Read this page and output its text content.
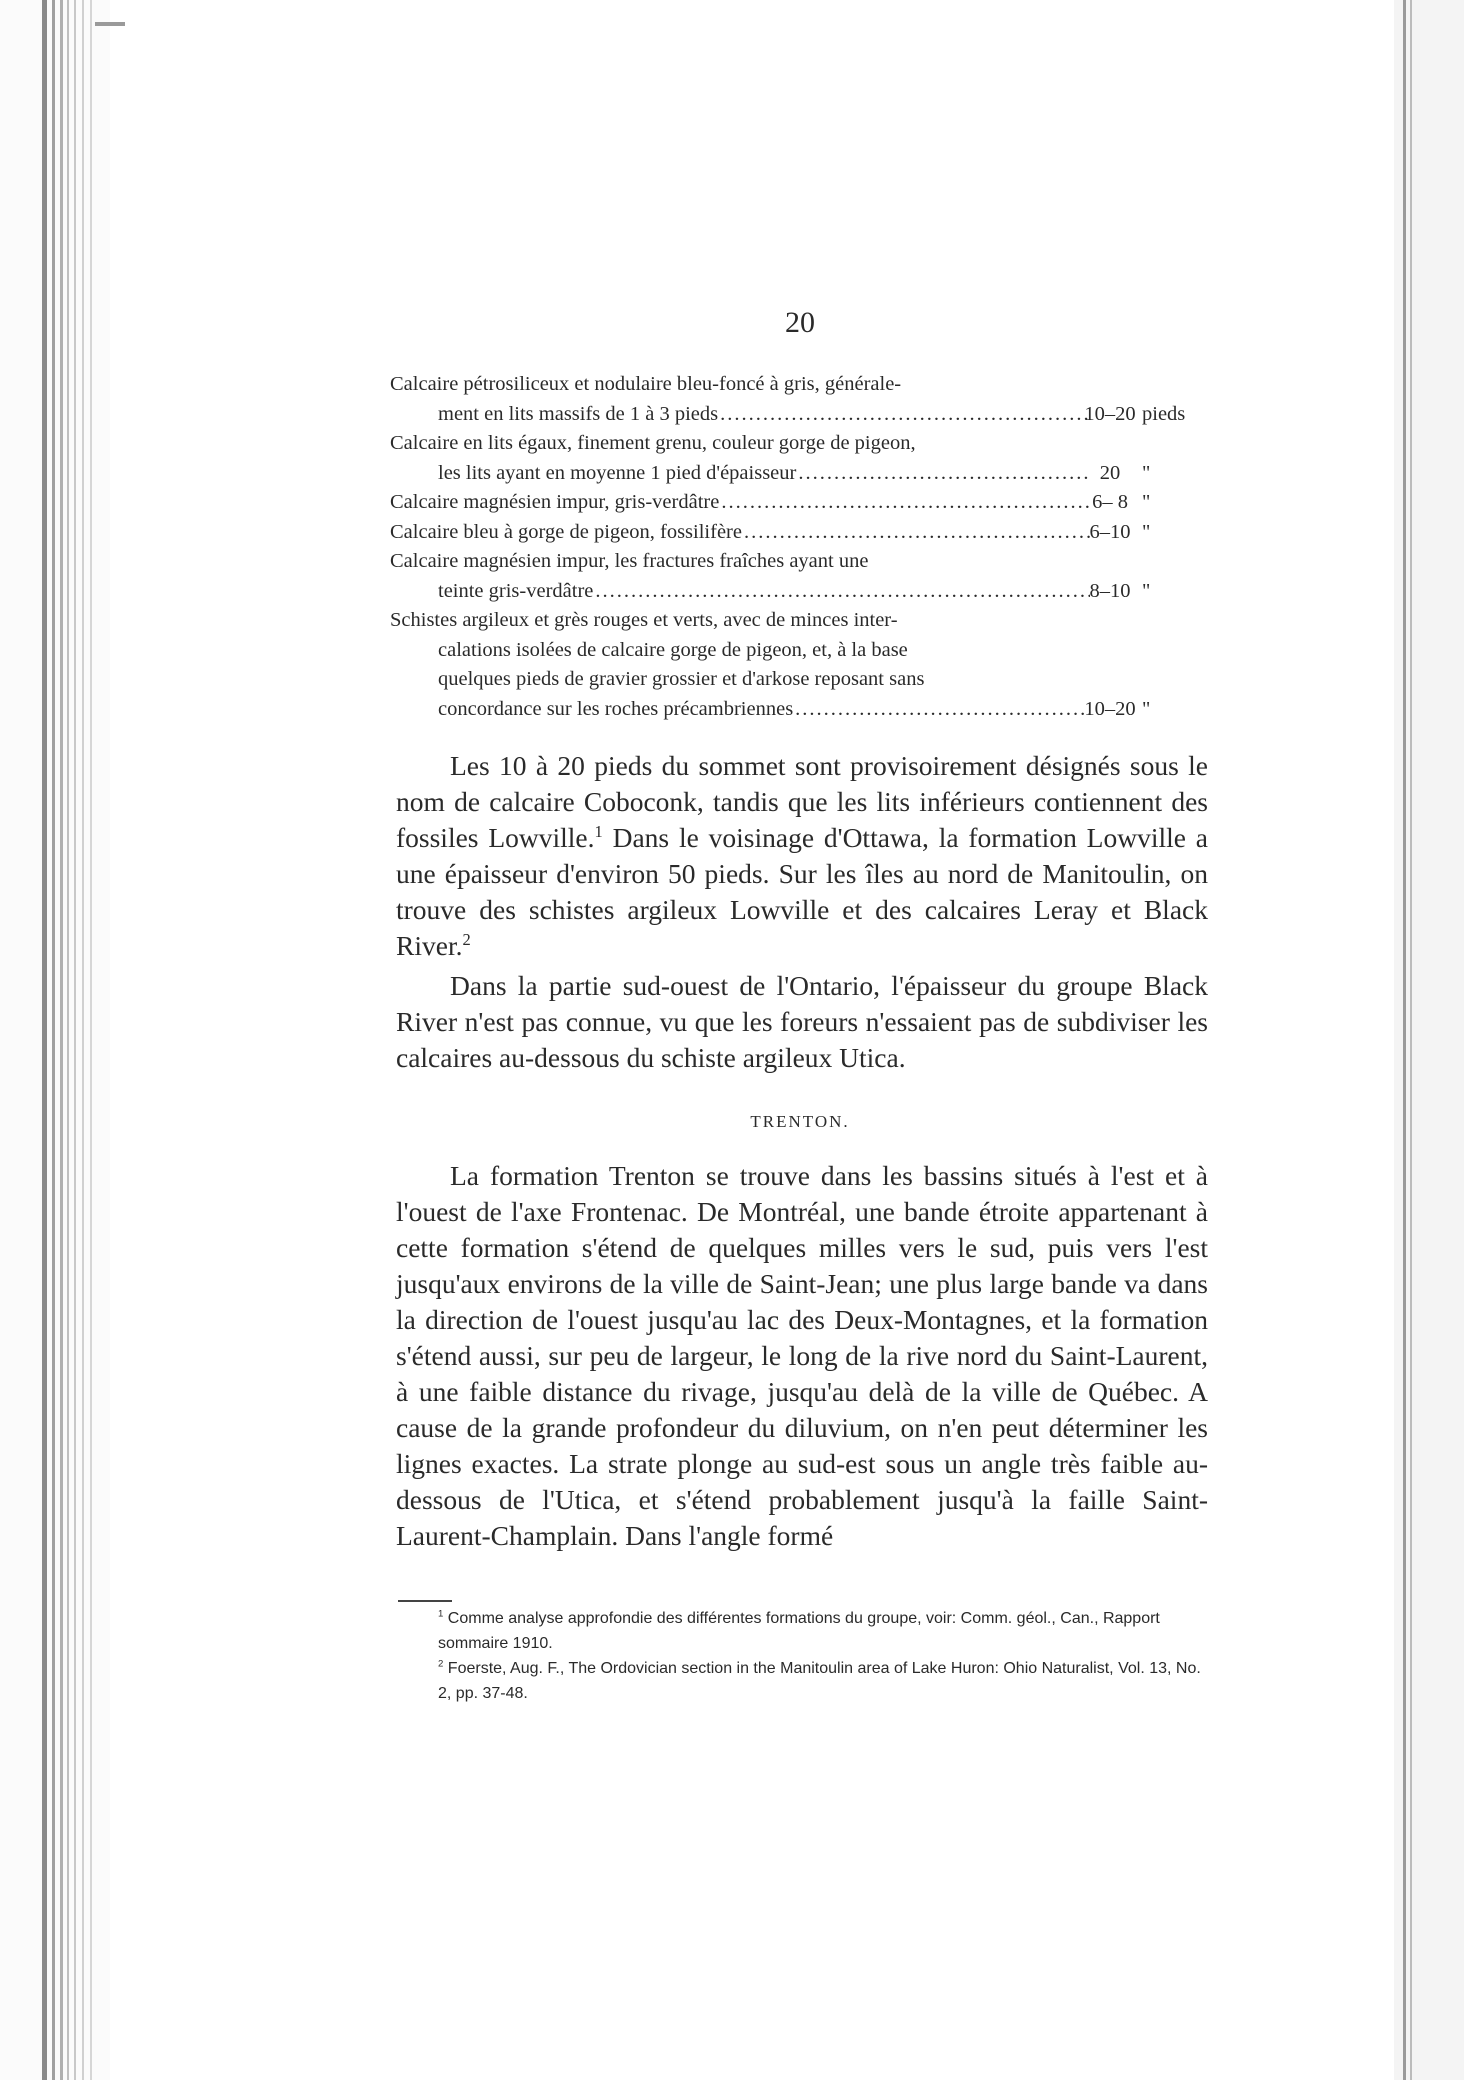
20
Calcaire pétrosiliceux et nodulaire bleu-foncé à gris, générale-
ment en lits massifs de 1 à 3 pieds
.....	10–20 pieds
Calcaire en lits égaux, finement grenu, couleur gorge de pigeon,
les lits ayant en moyenne 1 pied d'épaisseur .....	20	"
Calcaire magnésien impur, gris-verdâtre .....	6– 8 "
Calcaire bleu à gorge de pigeon, fossilifère .....	6–10 "
Calcaire magnésien impur, les fractures fraîches ayant une
teinte gris-verdâtre .....	8–10 "
Schistes argileux et grès rouges et verts, avec de minces inter-
calations isolées de calcaire gorge de pigeon, et, à la base
quelques pieds de gravier grossier et d'arkose reposant sans
concordance sur les roches précambriennes
.....	10–20 "

Les 10 à 20 pieds du sommet sont provisoirement désignés sous le nom de calcaire Coboconk, tandis que les lits inférieurs contiennent des fossiles Lowville.$^1$ Dans le voisinage d'Ottawa, la formation Lowville a une épaisseur d'environ 50 pieds. Sur les îles au nord de Manitoulin, on trouve des schistes argileux Lowville et des calcaires Leray et Black River.$^2$

Dans la partie sud-ouest de l'Ontario, l'épaisseur du groupe Black River n'est pas connue, vu que les foreurs n'essaient pas de subdiviser les calcaires au-dessous du schiste argileux Utica.

TRENTON.

La formation Trenton se trouve dans les bassins situés à l'est et à l'ouest de l'axe Frontenac. De Montréal, une bande étroite appartenant à cette formation s'étend de quelques milles vers le sud, puis vers l'est jusqu'aux environs de la ville de Saint-Jean; une plus large bande va dans la direction de l'ouest jusqu'au lac des Deux-Montagnes, et la formation s'étend aussi, sur peu de largeur, le long de la rive nord du Saint-Laurent, à une faible distance du rivage, jusqu'au delà de la ville de Québec. A cause de la grande profondeur du diluvium, on n'en peut déterminer les lignes exactes. La strate plonge au sud-est sous un angle très faible au-dessous de l'Utica, et s'étend probablement jusqu'à la faille Saint-Laurent-Champlain. Dans l'angle formé

$^1$ Comme analyse approfondie des différentes formations du groupe, voir: Comm. géol., Can., Rapport sommaire 1910.

$^2$ Foerste, Aug. F., The Ordovician section in the Manitoulin area of Lake Huron: Ohio Naturalist, Vol. 13, No. 2, pp. 37-48.
